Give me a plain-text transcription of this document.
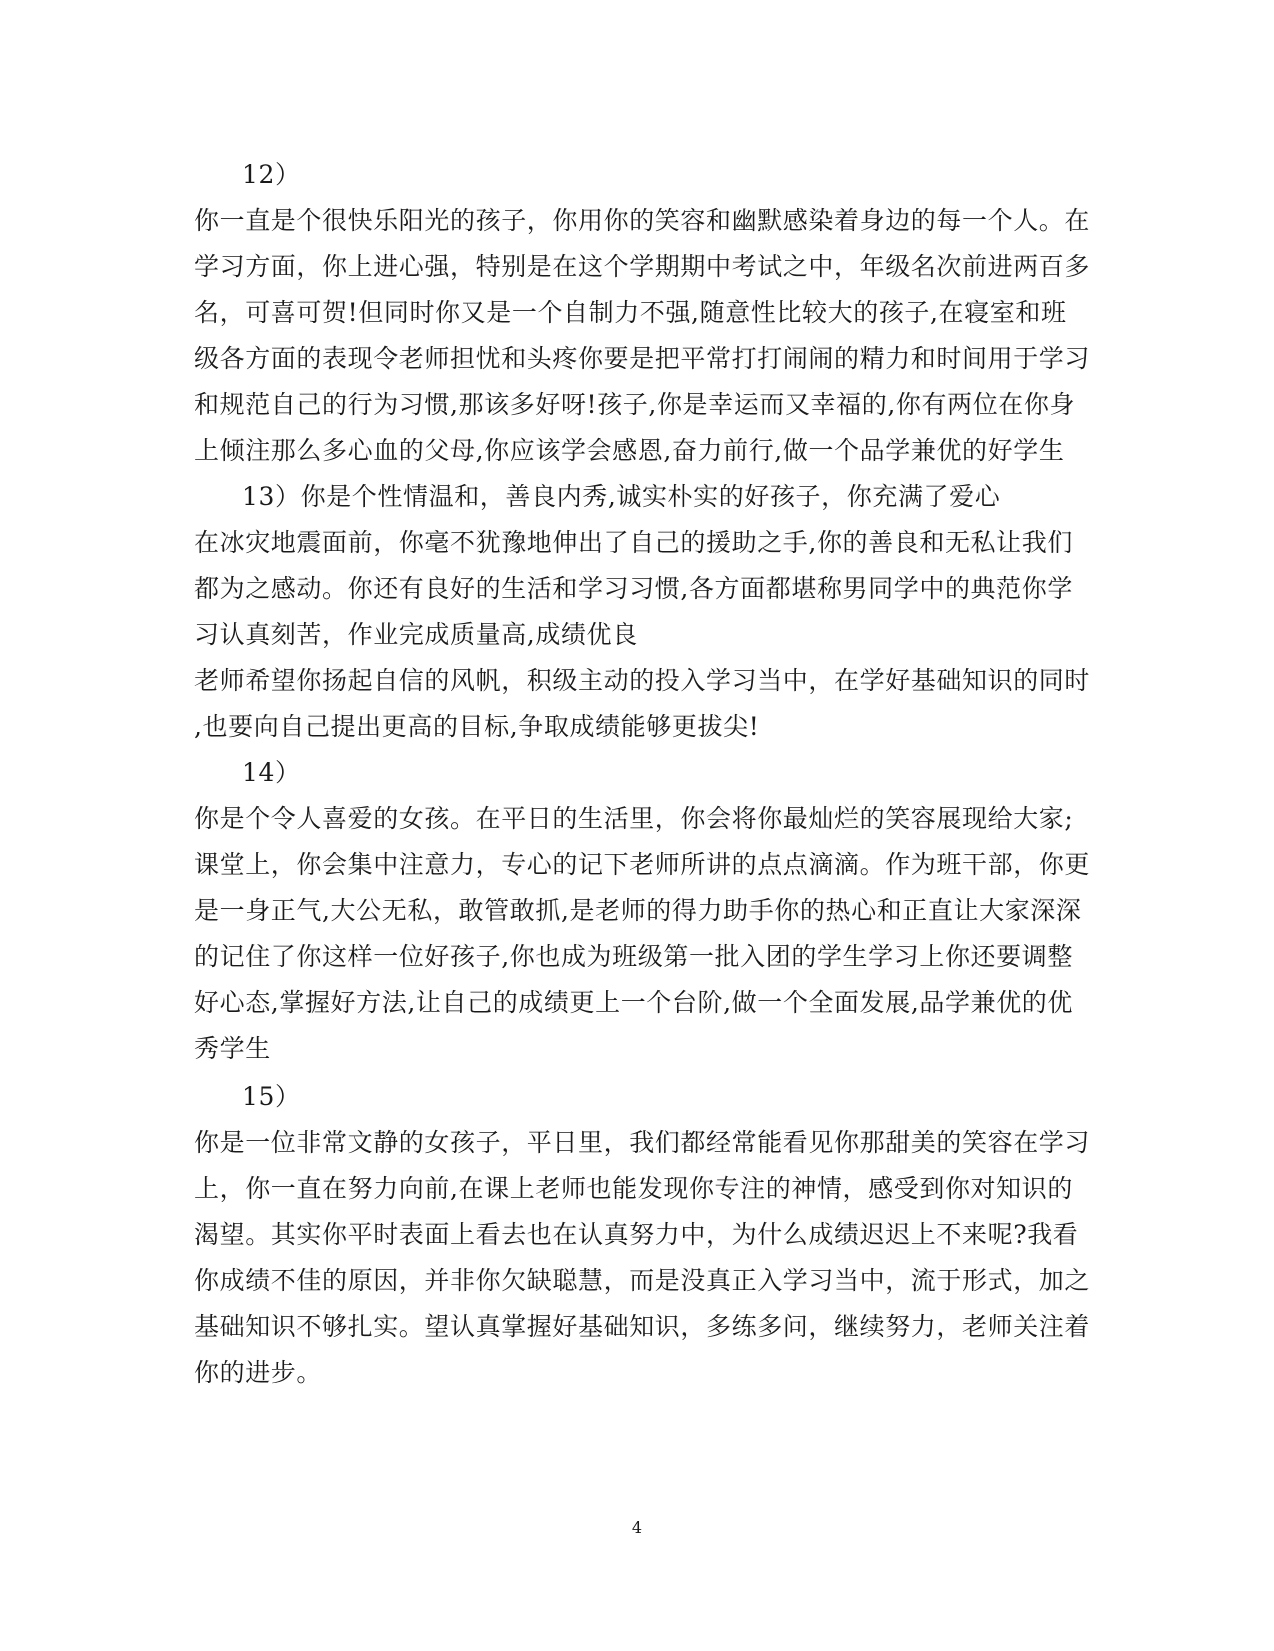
12）
你一直是个很快乐阳光的孩子，你用你的笑容和幽默感染着身边的每一个人。在
学习方面，你上进心强，特别是在这个学期期中考试之中，年级名次前进两百多
名，可喜可贺!但同时你又是一个自制力不强,随意性比较大的孩子,在寝室和班
级各方面的表现令老师担忧和头疼你要是把平常打打闹闹的精力和时间用于学习
和规范自己的行为习惯,那该多好呀!孩子,你是幸运而又幸福的,你有两位在你身
上倾注那么多心血的父母,你应该学会感恩,奋力前行,做一个品学兼优的好学生
13）你是个性情温和，善良内秀,诚实朴实的好孩子，你充满了爱心
在冰灾地震面前，你毫不犹豫地伸出了自己的援助之手,你的善良和无私让我们
都为之感动。你还有良好的生活和学习习惯,各方面都堪称男同学中的典范你学
习认真刻苦，作业完成质量高,成绩优良
老师希望你扬起自信的风帆，积级主动的投入学习当中，在学好基础知识的同时
,也要向自己提出更高的目标,争取成绩能够更拔尖!
14）
你是个令人喜爱的女孩。在平日的生活里，你会将你最灿烂的笑容展现给大家;
课堂上，你会集中注意力，专心的记下老师所讲的点点滴滴。作为班干部，你更
是一身正气,大公无私，敢管敢抓,是老师的得力助手你的热心和正直让大家深深
的记住了你这样一位好孩子,你也成为班级第一批入团的学生学习上你还要调整
好心态,掌握好方法,让自己的成绩更上一个台阶,做一个全面发展,品学兼优的优
秀学生
15）
你是一位非常文静的女孩子，平日里，我们都经常能看见你那甜美的笑容在学习
上，你一直在努力向前,在课上老师也能发现你专注的神情，感受到你对知识的
渴望。其实你平时表面上看去也在认真努力中，为什么成绩迟迟上不来呢?我看
你成绩不佳的原因，并非你欠缺聪慧，而是没真正入学习当中，流于形式，加之
基础知识不够扎实。望认真掌握好基础知识，多练多问，继续努力，老师关注着
你的进步。
4
